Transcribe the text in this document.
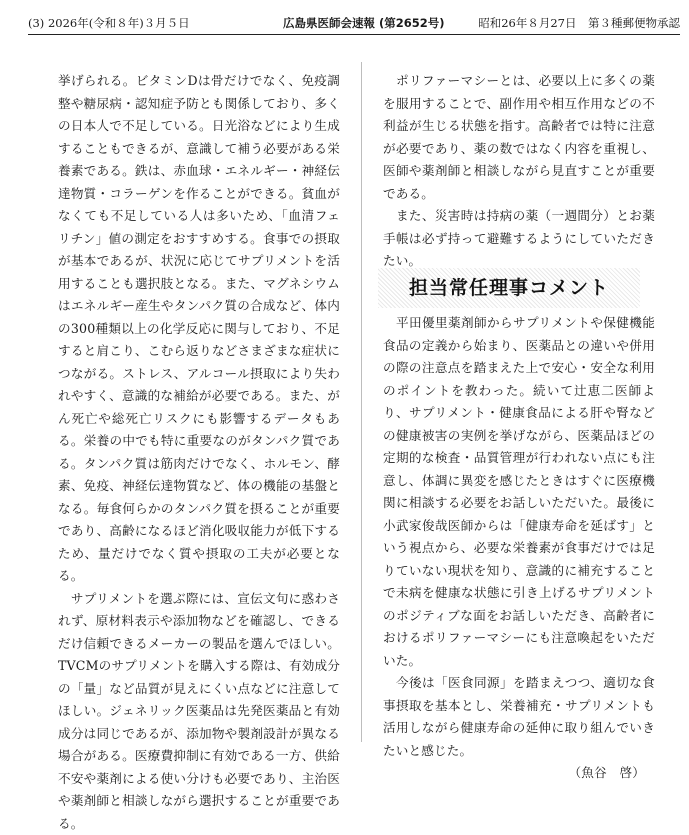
(3) 2026年(令和８年)３月５日	広島県医師会速報 (第2652号)	昭和26年８月27日　第３種郵便物承認

挙げられる。ビタミンDは骨だけでなく、免疫調整や糖尿病・認知症予防とも関係しており、多くの日本人で不足している。日光浴などにより生成することもできるが、意識して補う必要がある栄養素である。鉄は、赤血球・エネルギー・神経伝達物質・コラーゲンを作ることができる。貧血がなくても不足している人は多いため、「血清フェリチン」値の測定をおすすめする。食事での摂取が基本であるが、状況に応じてサプリメントを活用することも選択肢となる。また、マグネシウムはエネルギー産生やタンパク質の合成など、体内の300種類以上の化学反応に関与しており、不足すると肩こり、こむら返りなどさまざまな症状につながる。ストレス、アルコール摂取により失われやすく、意識的な補給が必要である。また、がん死亡や総死亡リスクにも影響するデータもある。栄養の中でも特に重要なのがタンパク質である。タンパク質は筋肉だけでなく、ホルモン、酵素、免疫、神経伝達物質など、体の機能の基盤となる。毎食何らかのタンパク質を摂ることが重要であり、高齢になるほど消化吸収能力が低下するため、量だけでなく質や摂取の工夫が必要となる。

　サプリメントを選ぶ際には、宣伝文句に惑わされず、原材料表示や添加物などを確認し、できるだけ信頼できるメーカーの製品を選んでほしい。TVCMのサプリメントを購入する際は、有効成分の「量」など品質が見えにくい点などに注意してほしい。ジェネリック医薬品は先発医薬品と有効成分は同じであるが、添加物や製剤設計が異なる場合がある。医療費抑制に有効である一方、供給不安や薬剤による使い分けも必要であり、主治医や薬剤師と相談しながら選択することが重要である。

　ポリファーマシーとは、必要以上に多くの薬を服用することで、副作用や相互作用などの不利益が生じる状態を指す。高齢者では特に注意が必要であり、薬の数ではなく内容を重視し、医師や薬剤師と相談しながら見直すことが重要である。

　また、災害時は持病の薬（一週間分）とお薬手帳は必ず持って避難するようにしていただきたい。

担当常任理事コメント

　平田優里薬剤師からサプリメントや保健機能食品の定義から始まり、医薬品との違いや併用の際の注意点を踏まえた上で安心・安全な利用のポイントを教わった。続いて辻恵二医師より、サプリメント・健康食品による肝や腎などの健康被害の実例を挙げながら、医薬品ほどの定期的な検査・品質管理が行われない点にも注意し、体調に異変を感じたときはすぐに医療機関に相談する必要をお話しいただいた。最後に小武家俊哉医師からは「健康寿命を延ばす」という視点から、必要な栄養素が食事だけでは足りていない現状を知り、意識的に補充することで未病を健康な状態に引き上げるサプリメントのポジティブな面をお話しいただき、高齢者におけるポリファーマシーにも注意喚起をいただいた。

　今後は「医食同源」を踏まえつつ、適切な食事摂取を基本とし、栄養補充・サプリメントも活用しながら健康寿命の延伸に取り組んでいきたいと感じた。

（魚谷　啓）
